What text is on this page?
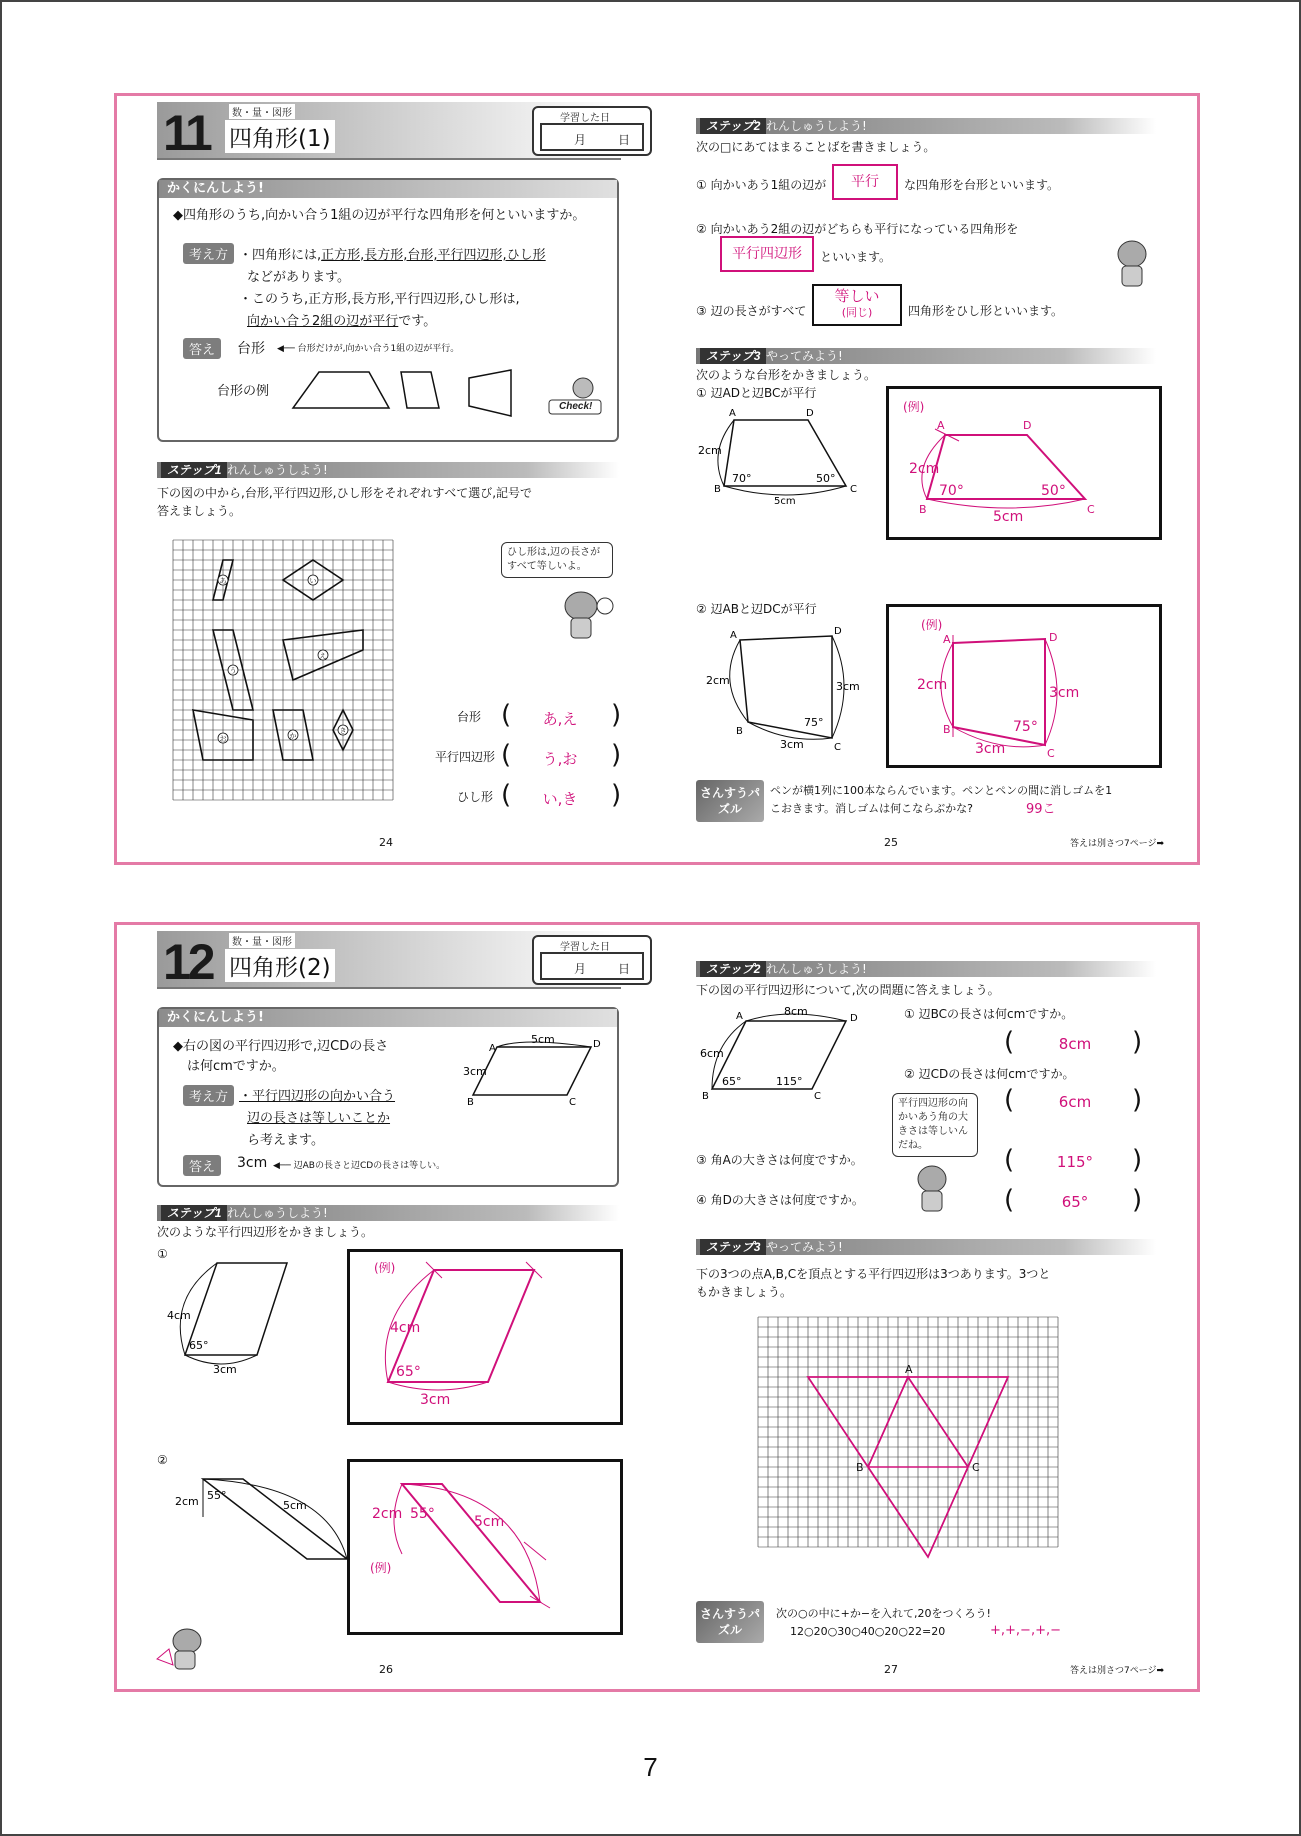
11	数・量・図形
四角形(1)
学習した日
月	日
かくにんしよう!
◆四角形のうち,向かい合う1組の辺が平行な四角形を何といいますか。
考え方 ・四角形には,正方形,長方形,台形,平行四辺形,ひし形
などがあります。
・このうち,正方形,長方形,平行四辺形,ひし形は,
向かい合う2組の辺が平行です。
答え	台形 ◀── 台形だけが,向かい合う1組の辺が平行。
台形の例
Check!
ステップ1 れんしゅうしよう!
下の図の中から,台形,平行四辺形,ひし形をそれぞれすべて選び,記号で
答えましょう。
あ	い
う
え
お	か
き
ひし形は,辺の長さがすべて等しいよ。
台形 (	あ,え	)
平行四辺形 (	う,お	)
ひし形 (	い,き	)
24
ステップ2 れんしゅうしよう!
次の□にあてはまることばを書きましょう。
① 向かいあう1組の辺が	平行	な四角形を台形といいます。
② 向かいあう2組の辺がどちらも平行になっている四角形を
平行四辺形	といいます。
③ 辺の長さがすべて
等しい
(同じ)	四角形をひし形といいます。
ステップ3 やってみよう!
次のような台形をかきましょう。
① 辺ADと辺BCが平行
A	D
B	C
2cm
5cm
70°	50°
(例)
A	D
B	C
2cm
5cm
70°	50°
② 辺ABと辺DCが平行
A	D
B
C
2cm	3cm
3cm
75°
(例)
A	D
B
C
2cm	3cm
3cm
75°
さんすうパズル
ペンが横1列に100本ならんでいます。ペンとペンの間に消しゴムを1
こおきます。消しゴムは何こならぶかな?	99こ
25	答えは別さつ7ページ➡
12	数・量・図形
四角形(2)
学習した日
月	日
かくにんしよう!
◆右の図の平行四辺形で,辺CDの長さ
は何cmですか。
考え方 ・平行四辺形の向かい合う
辺の長さは等しいことか
ら考えます。
答え	3cm ◀── 辺ABの長さと辺CDの長さは等しい。
A	D
B	C
5cm
3cm
ステップ1 れんしゅうしよう!
次のような平行四辺形をかきましょう。
①
4cm
3cm
65°
(例)
4cm
3cm
65°
②
2cm	5cm
55°
2cm 55°	5cm
(例)
26
ステップ2 れんしゅうしよう!
下の図の平行四辺形について,次の問題に答えましょう。
A	D
B	C
8cm
6cm
65°	115°
① 辺BCの長さは何cmですか。
(	8cm	)
② 辺CDの長さは何cmですか。
(	6cm	)
③ 角Aの大きさは何度ですか。	(	115°	)
④ 角Dの大きさは何度ですか。	(	65°	)
平行四辺形の向かいあう角の大きさは等しいんだね。
ステップ3 やってみよう!
下の3つの点A,B,Cを頂点とする平行四辺形は3つあります。3つと
もかきましょう。
A
B	C
さんすうパズル
次の○の中に+か−を入れて,20をつくろう!
12○20○30○40○20○22=20	+,+,−,+,−
27	答えは別さつ7ページ➡
7
